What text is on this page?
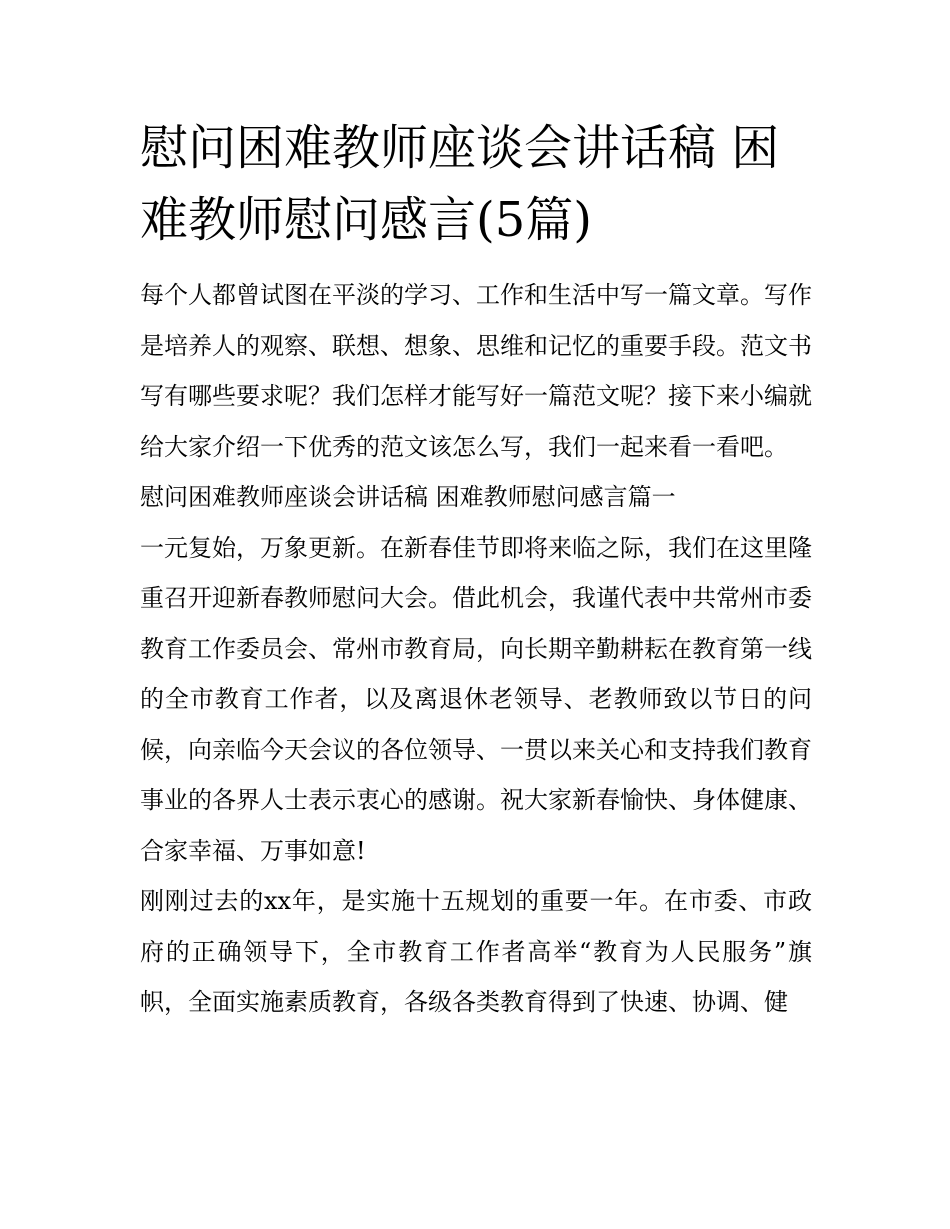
慰问困难教师座谈会讲话稿 困难教师慰问感言(5篇)

每个人都曾试图在平淡的学习、工作和生活中写一篇文章。写作是培养人的观察、联想、想象、思维和记忆的重要手段。范文书写有哪些要求呢？我们怎样才能写好一篇范文呢？接下来小编就给大家介绍一下优秀的范文该怎么写，我们一起来看一看吧。

慰问困难教师座谈会讲话稿 困难教师慰问感言篇一

一元复始，万象更新。在新春佳节即将来临之际，我们在这里隆重召开迎新春教师慰问大会。借此机会，我谨代表中共常州市委教育工作委员会、常州市教育局，向长期辛勤耕耘在教育第一线的全市教育工作者，以及离退休老领导、老教师致以节日的问候，向亲临今天会议的各位领导、一贯以来关心和支持我们教育事业的各界人士表示衷心的感谢。祝大家新春愉快、身体健康、合家幸福、万事如意!

刚刚过去的xx年，是实施十五规划的重要一年。在市委、市政府的正确领导下，全市教育工作者高举“教育为人民服务”旗帜，全面实施素质教育，各级各类教育得到了快速、协调、健
